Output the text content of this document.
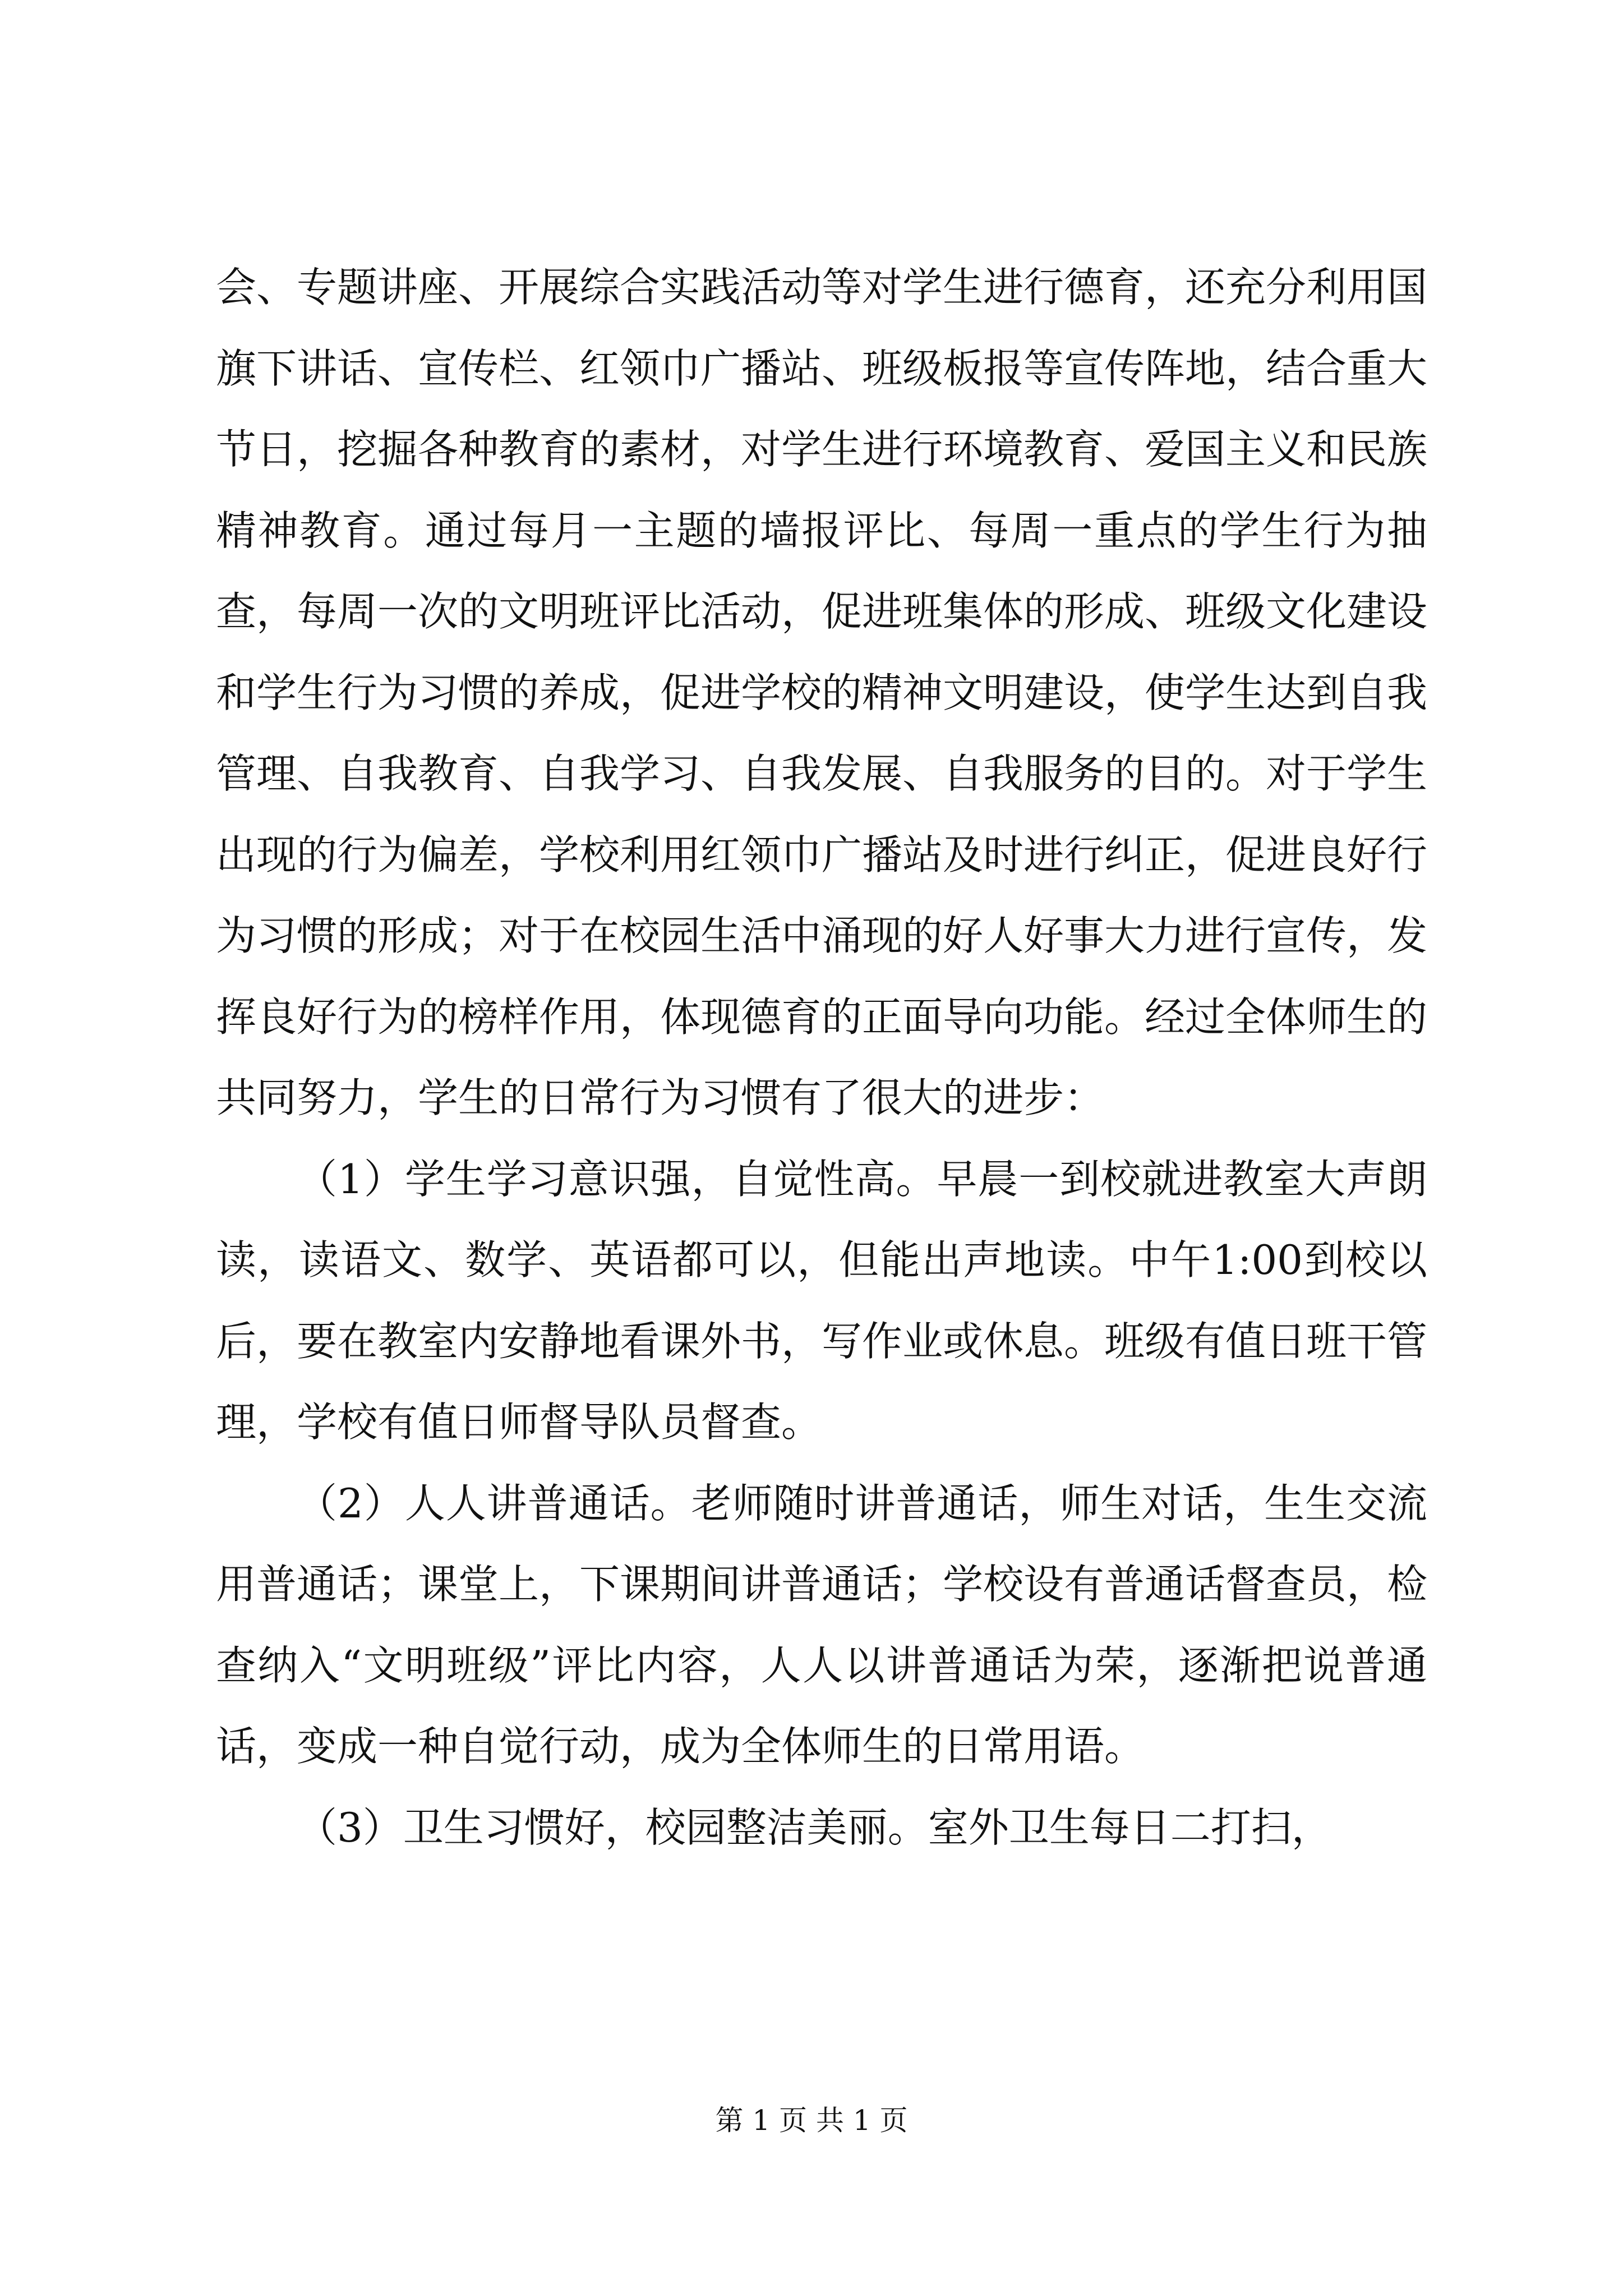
会、专题讲座、开展综合实践活动等对学生进行德育，还充分利用国旗下讲话、宣传栏、红领巾广播站、班级板报等宣传阵地，结合重大节日，挖掘各种教育的素材，对学生进行环境教育、爱国主义和民族精神教育。通过每月一主题的墙报评比、每周一重点的学生行为抽查，每周一次的文明班评比活动，促进班集体的形成、班级文化建设和学生行为习惯的养成，促进学校的精神文明建设，使学生达到自我管理、自我教育、自我学习、自我发展、自我服务的目的。对于学生出现的行为偏差，学校利用红领巾广播站及时进行纠正，促进良好行为习惯的形成；对于在校园生活中涌现的好人好事大力进行宣传，发挥良好行为的榜样作用，体现德育的正面导向功能。经过全体师生的共同努力，学生的日常行为习惯有了很大的进步：

（1）学生学习意识强，自觉性高。早晨一到校就进教室大声朗读，读语文、数学、英语都可以，但能出声地读。中午1:00到校以后，要在教室内安静地看课外书，写作业或休息。班级有值日班干管理，学校有值日师督导队员督查。

（2）人人讲普通话。老师随时讲普通话，师生对话，生生交流用普通话；课堂上，下课期间讲普通话；学校设有普通话督查员，检查纳入“文明班级”评比内容，人人以讲普通话为荣，逐渐把说普通话，变成一种自觉行动，成为全体师生的日常用语。

（3）卫生习惯好，校园整洁美丽。室外卫生每日二打扫，

第 1 页 共 1 页
